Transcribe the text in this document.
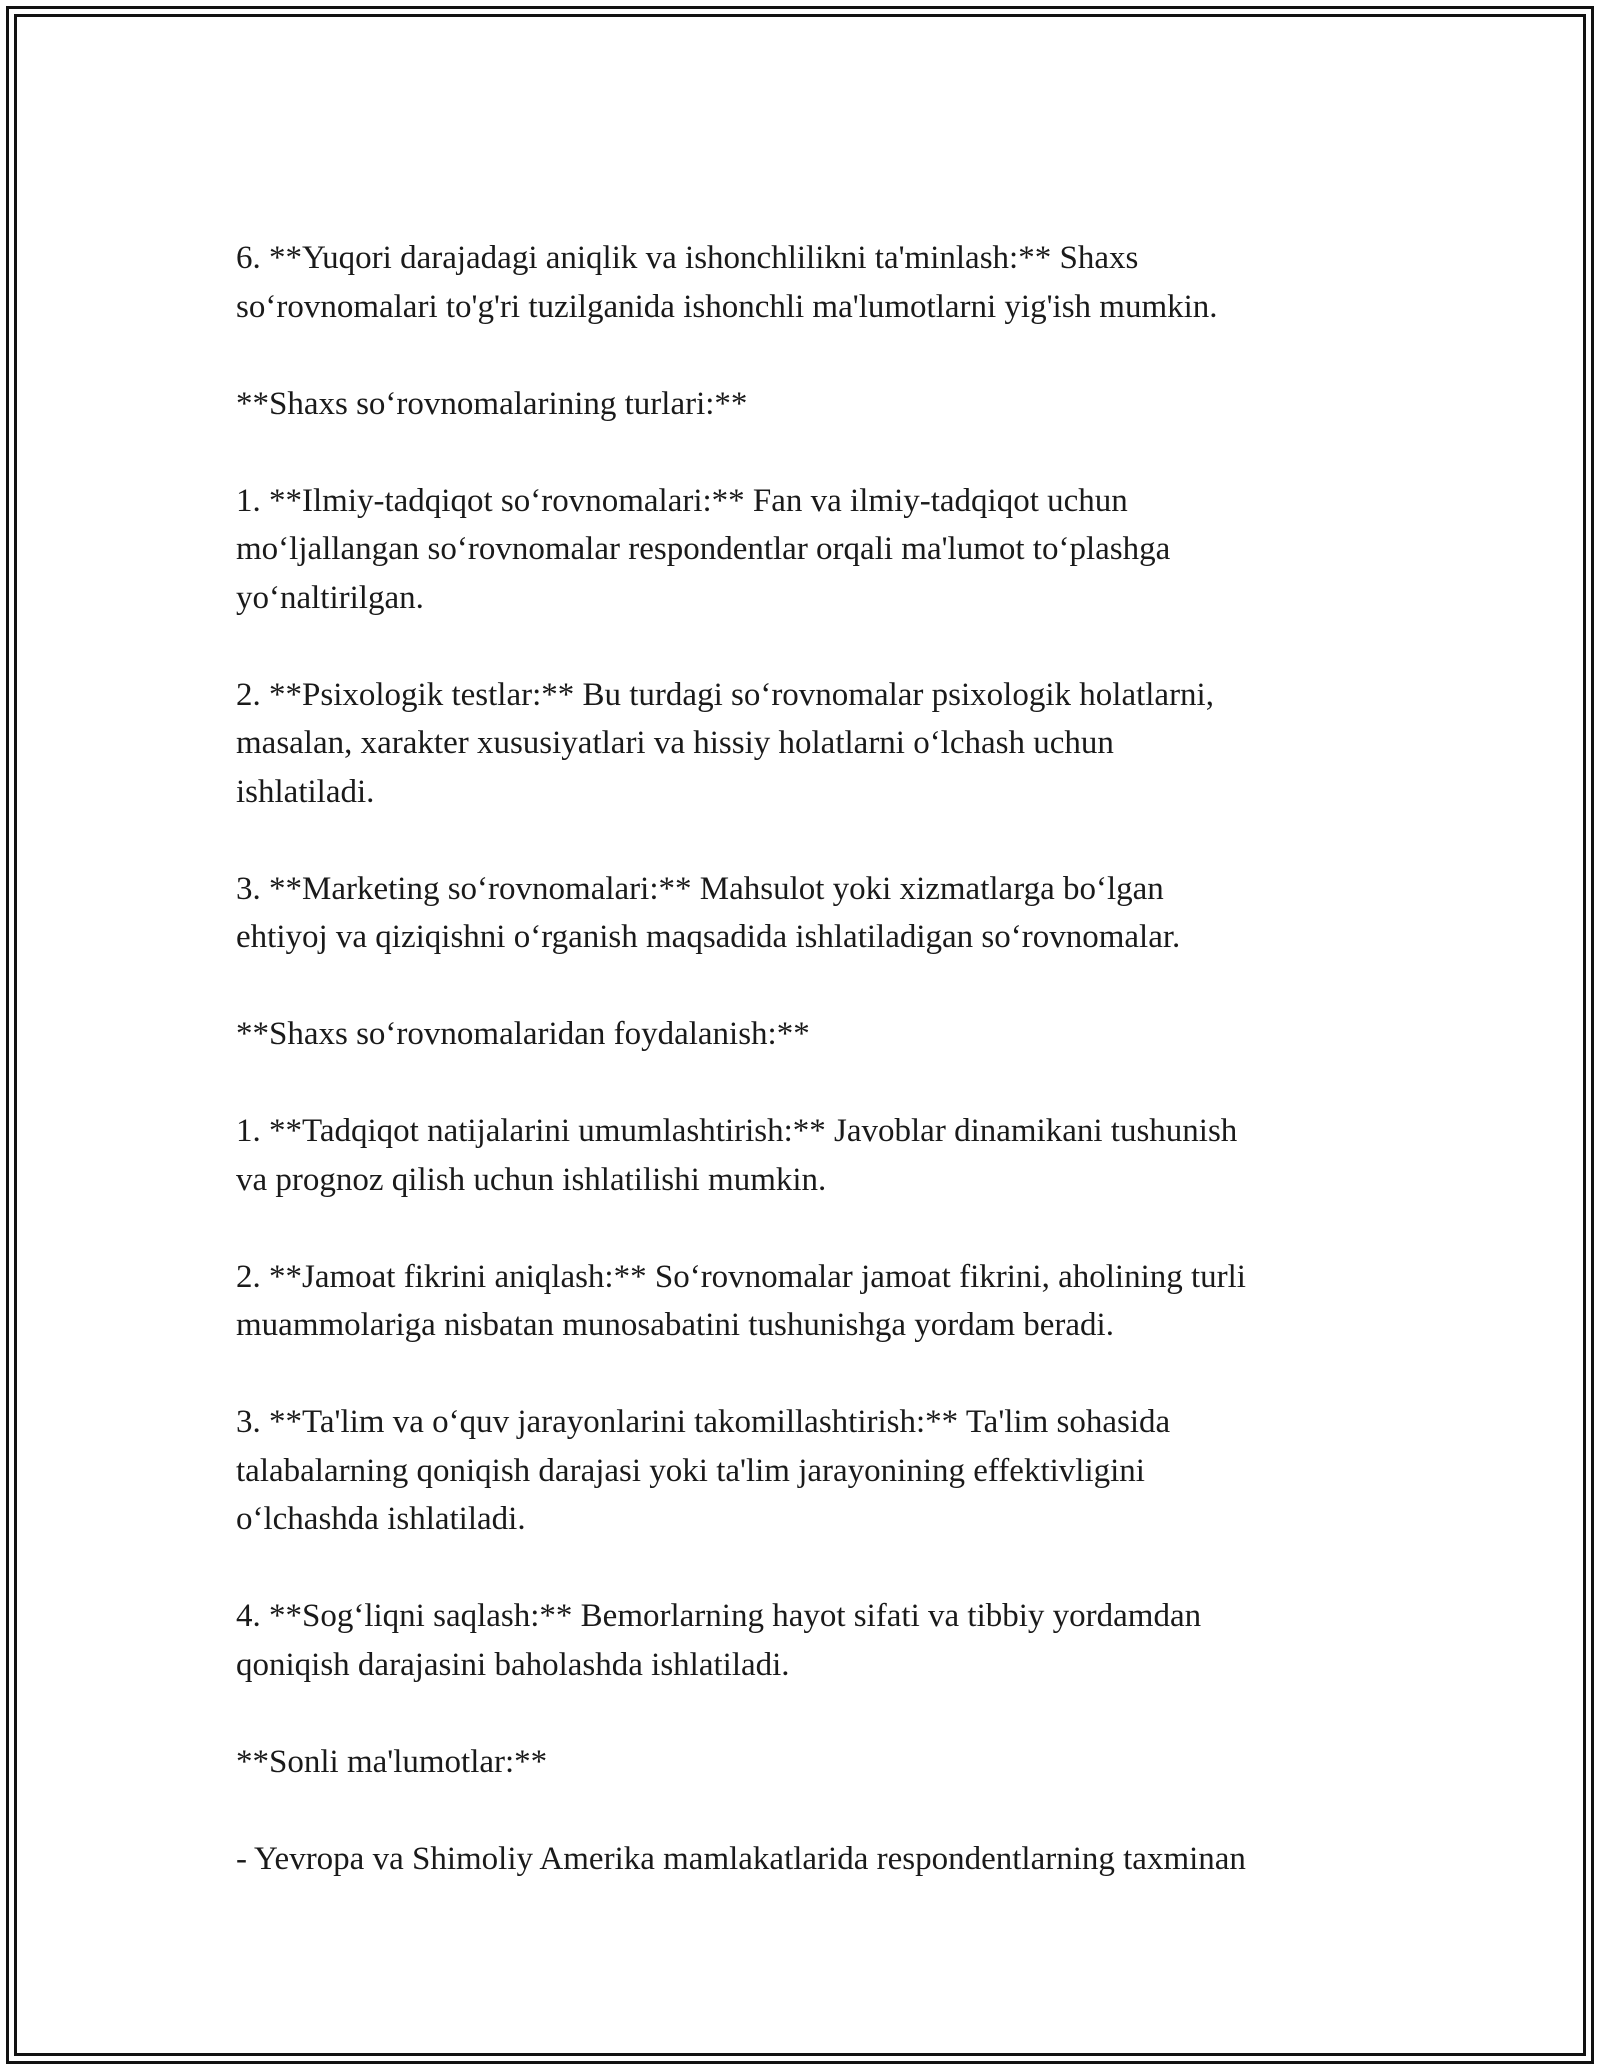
6. **Yuqori darajadagi aniqlik va ishonchlilikni ta'minlash:** Shaxs
so‘rovnomalari to'g'ri tuzilganida ishonchli ma'lumotlarni yig'ish mumkin.

**Shaxs so‘rovnomalarining turlari:**

1. **Ilmiy-tadqiqot so‘rovnomalari:** Fan va ilmiy-tadqiqot uchun
mo‘ljallangan so‘rovnomalar respondentlar orqali ma'lumot to‘plashga
yo‘naltirilgan.

2. **Psixologik testlar:** Bu turdagi so‘rovnomalar psixologik holatlarni,
masalan, xarakter xususiyatlari va hissiy holatlarni o‘lchash uchun
ishlatiladi.

3. **Marketing so‘rovnomalari:** Mahsulot yoki xizmatlarga bo‘lgan
ehtiyoj va qiziqishni o‘rganish maqsadida ishlatiladigan so‘rovnomalar.

**Shaxs so‘rovnomalaridan foydalanish:**

1. **Tadqiqot natijalarini umumlashtirish:** Javoblar dinamikani tushunish
va prognoz qilish uchun ishlatilishi mumkin.

2. **Jamoat fikrini aniqlash:** So‘rovnomalar jamoat fikrini, aholining turli
muammolariga nisbatan munosabatini tushunishga yordam beradi.

3. **Ta'lim va o‘quv jarayonlarini takomillashtirish:** Ta'lim sohasida
talabalarning qoniqish darajasi yoki ta'lim jarayonining effektivligini
o‘lchashda ishlatiladi.

4. **Sog‘liqni saqlash:** Bemorlarning hayot sifati va tibbiy yordamdan
qoniqish darajasini baholashda ishlatiladi.

**Sonli ma'lumotlar:**

- Yevropa va Shimoliy Amerika mamlakatlarida respondentlarning taxminan
